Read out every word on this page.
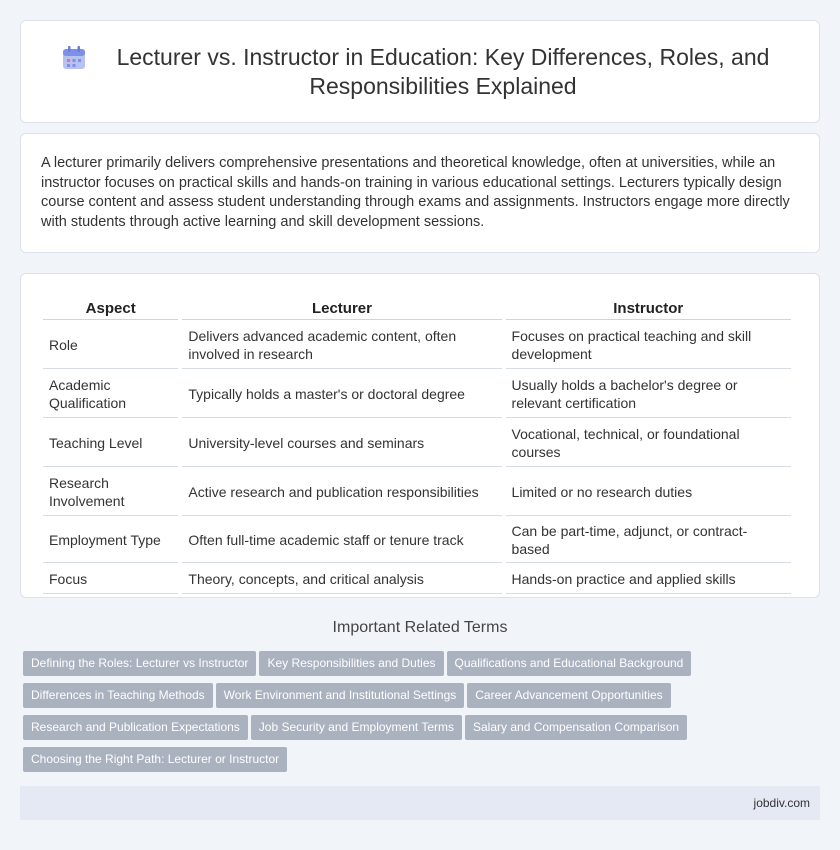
Lecturer vs. Instructor in Education: Key Differences, Roles, and Responsibilities Explained

A lecturer primarily delivers comprehensive presentations and theoretical knowledge, often at universities, while an instructor focuses on practical skills and hands-on training in various educational settings. Lecturers typically design course content and assess student understanding through exams and assignments. Instructors engage more directly with students through active learning and skill development sessions.

Aspect	Lecturer	Instructor
Role	Delivers advanced academic content, often involved in research	Focuses on practical teaching and skill development
Academic Qualification	Typically holds a master's or doctoral degree	Usually holds a bachelor's degree or relevant certification
Teaching Level	University-level courses and seminars	Vocational, technical, or foundational courses
Research Involvement	Active research and publication responsibilities	Limited or no research duties
Employment Type	Often full-time academic staff or tenure track	Can be part-time, adjunct, or contract-based
Focus	Theory, concepts, and critical analysis	Hands-on practice and applied skills
Important Related Terms
Defining the Roles: Lecturer vs Instructor	Key Responsibilities and Duties	Qualifications and Educational Background
Differences in Teaching Methods	Work Environment and Institutional Settings	Career Advancement Opportunities
Research and Publication Expectations	Job Security and Employment Terms	Salary and Compensation Comparison
Choosing the Right Path: Lecturer or Instructor
jobdiv.com
